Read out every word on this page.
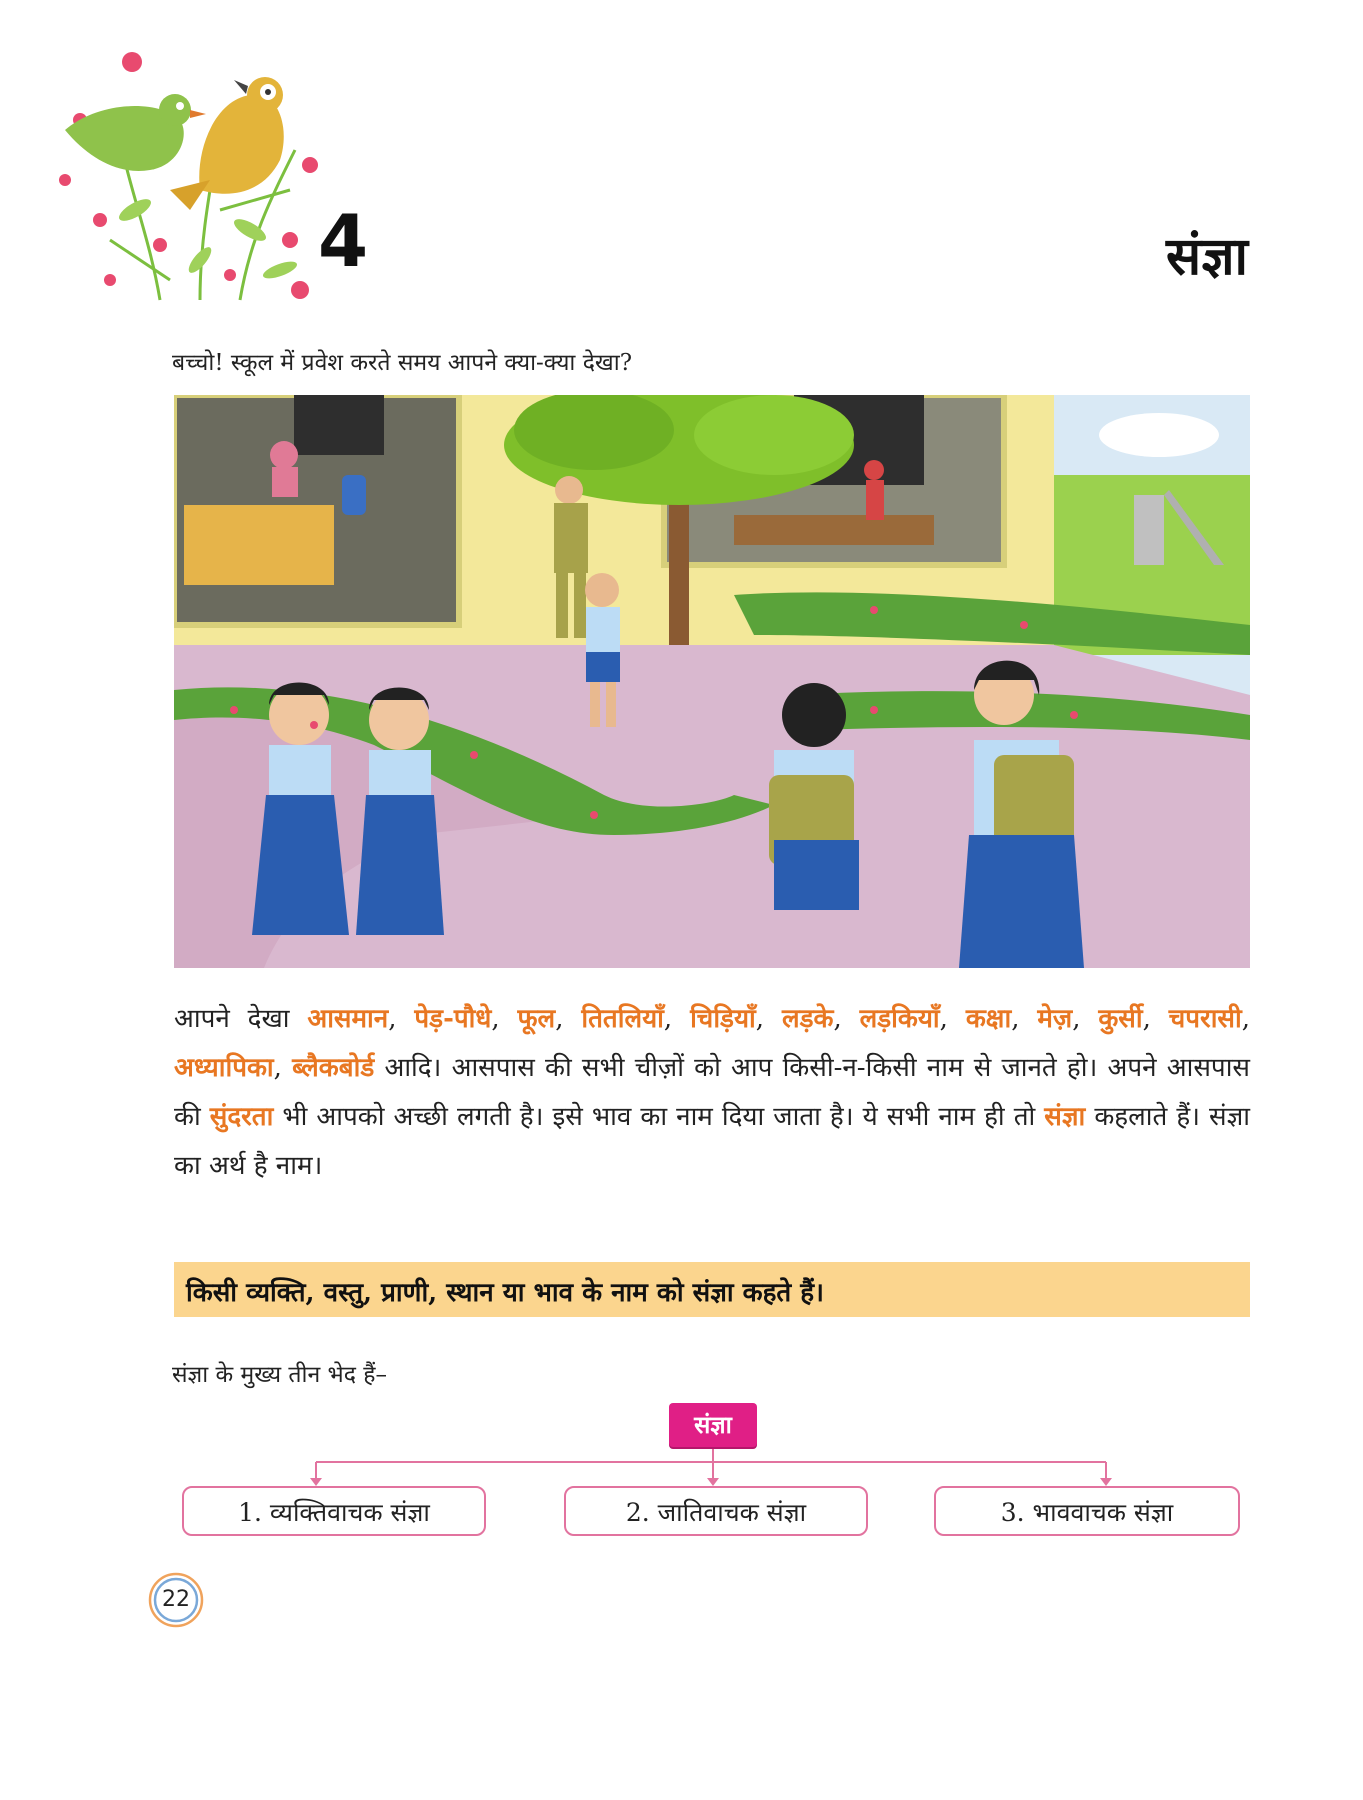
4	संज्ञा
बच्चो! स्कूल में प्रवेश करते समय आपने क्या-क्या देखा?
आपने देखा आसमान, पेड़-पौधे, फूल, तितलियाँ, चिड़ियाँ, लड़के, लड़कियाँ, कक्षा, मेज़, कुर्सी, चपरासी, अध्यापिका, ब्लैकबोर्ड आदि। आसपास की सभी चीज़ों को आप किसी-न-किसी नाम से जानते हो। अपने आसपास की सुंदरता भी आपको अच्छी लगती है। इसे भाव का नाम दिया जाता है। ये सभी नाम ही तो संज्ञा कहलाते हैं। संज्ञा का अर्थ है नाम।
किसी व्यक्ति, वस्तु, प्राणी, स्थान या भाव के नाम को संज्ञा कहते हैं।
संज्ञा के मुख्य तीन भेद हैं–
संज्ञा
1. व्यक्तिवाचक संज्ञा	2. जातिवाचक संज्ञा	3. भाववाचक संज्ञा
22
